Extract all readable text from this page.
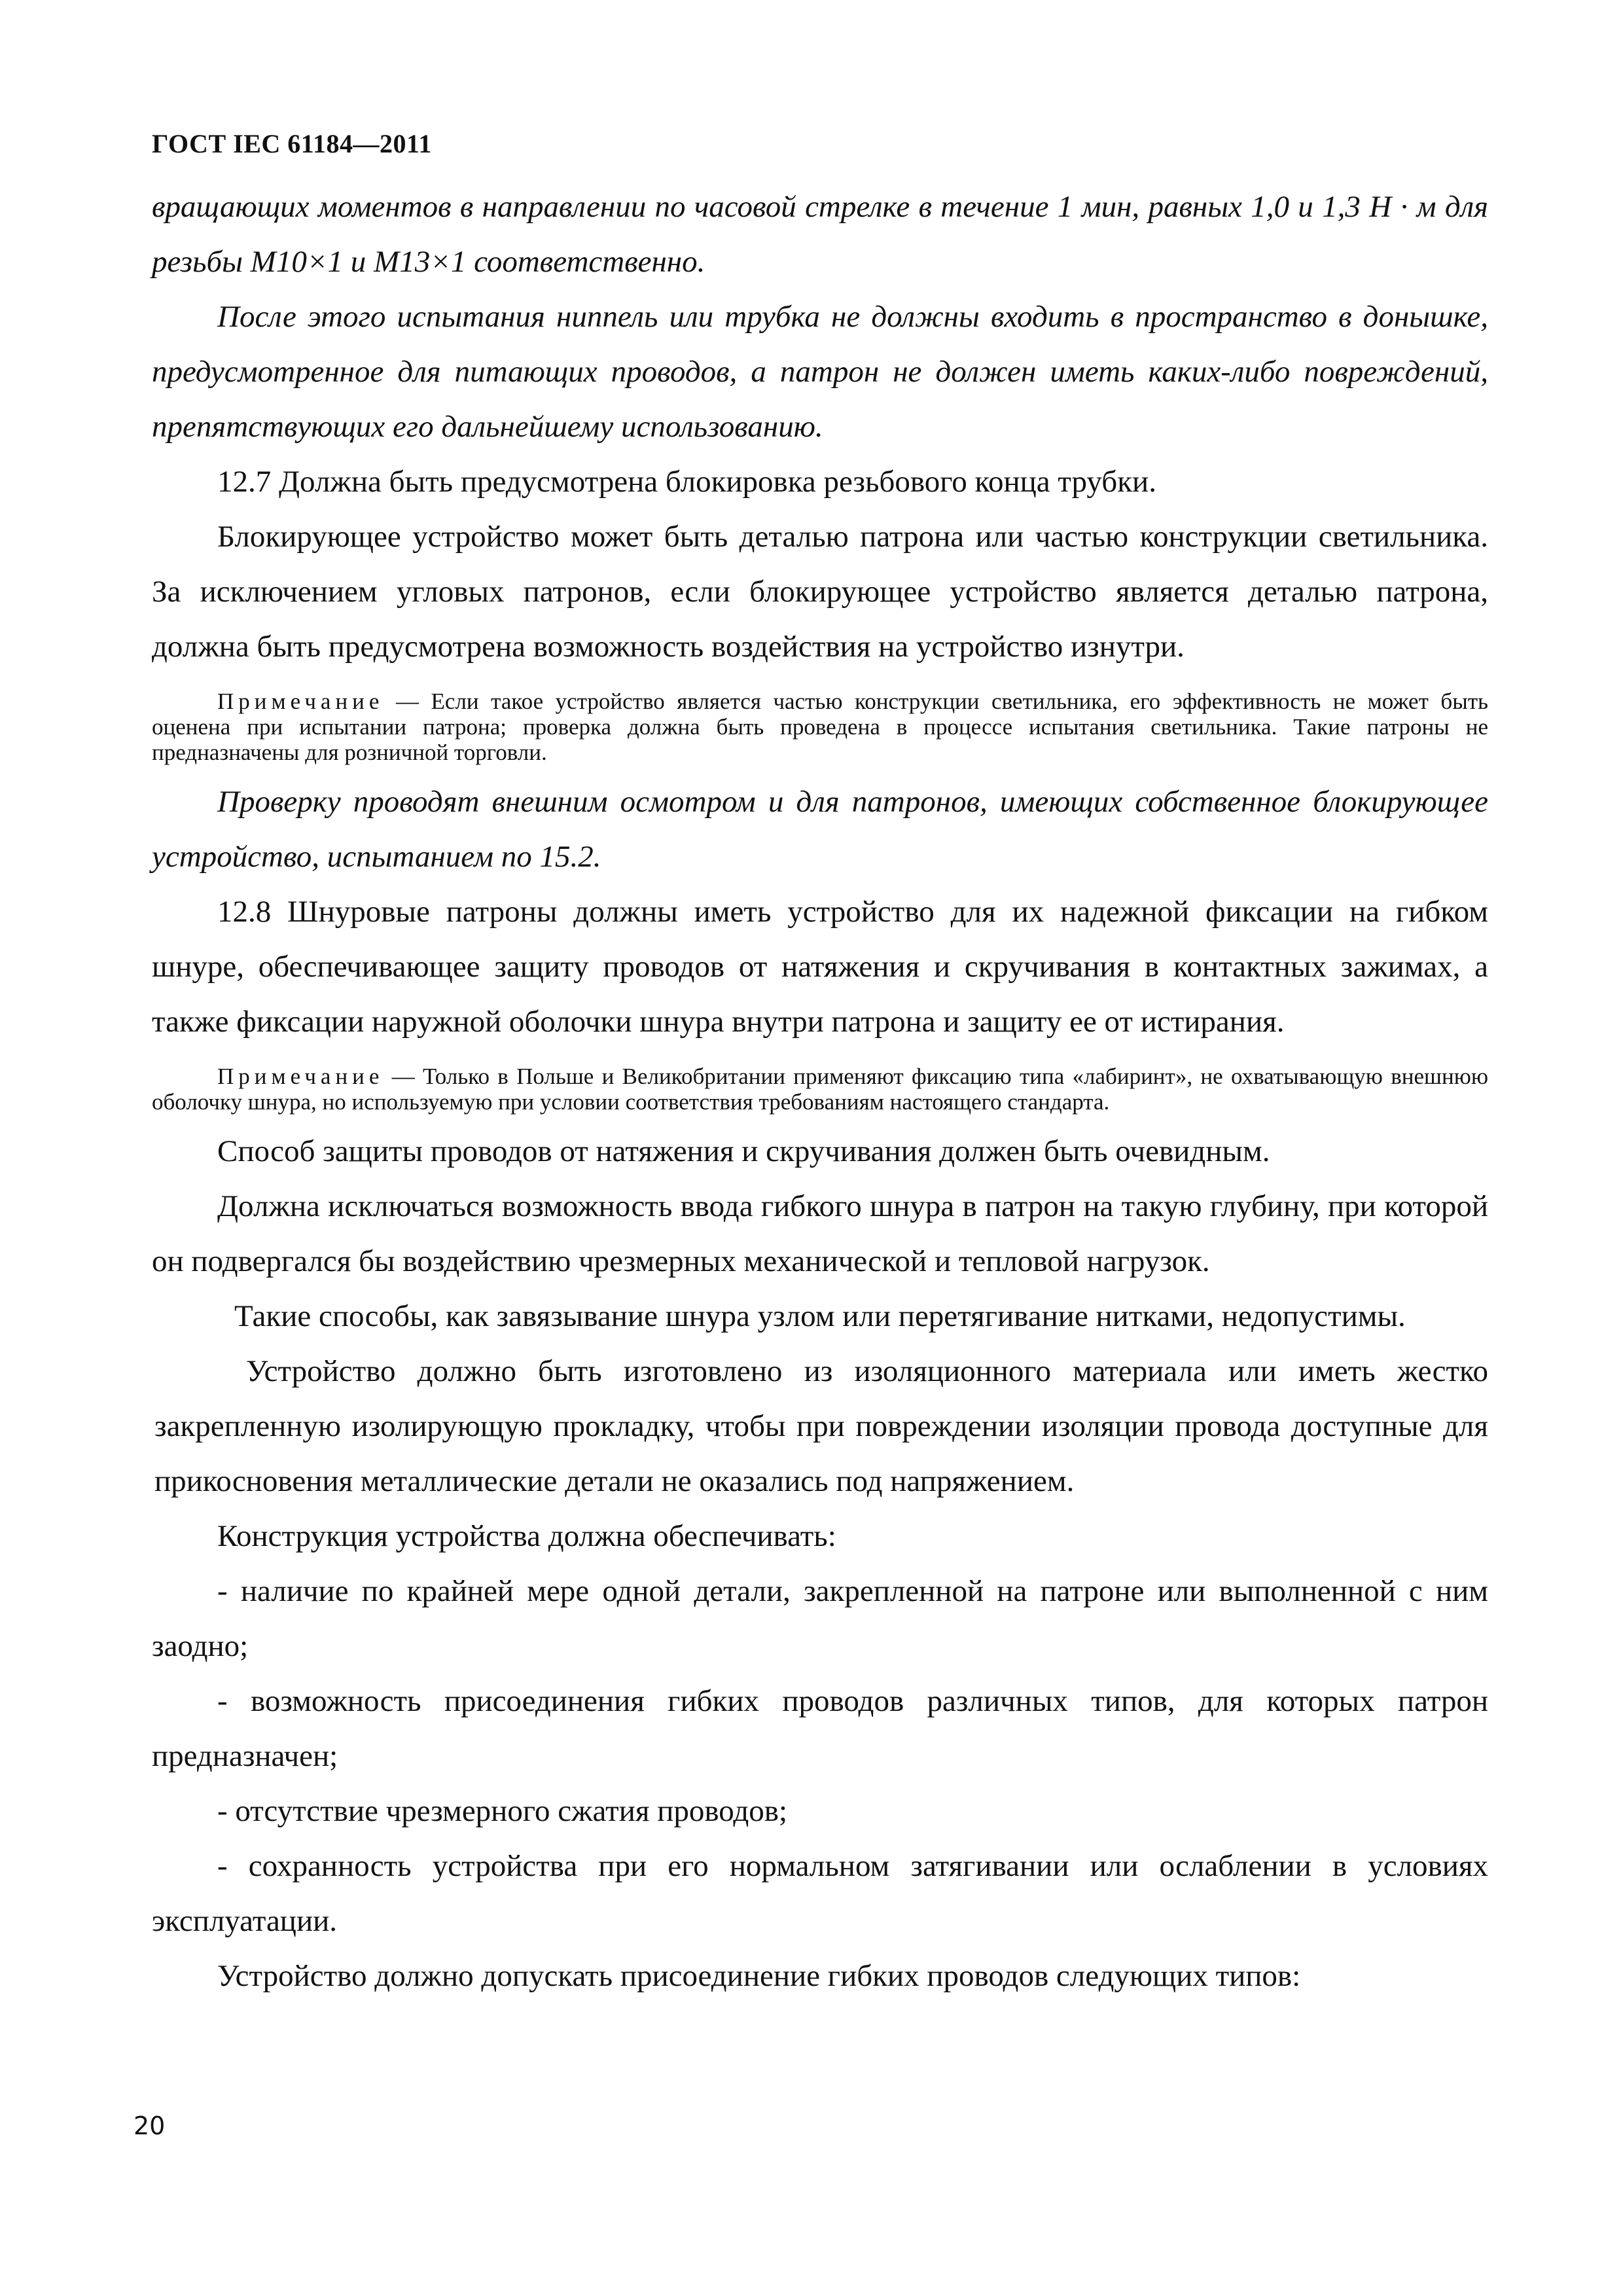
ГОСТ IEC 61184—2011

вращающих моментов в направлении по часовой стрелке в течение 1 мин, равных 1,0 и 1,3 Н · м для резьбы М10×1 и М13×1 соответственно.

После этого испытания ниппель или трубка не должны входить в пространство в донышке, предусмотренное для питающих проводов, а патрон не должен иметь каких-либо повреждений, препятствующих его дальнейшему использованию.

12.7 Должна быть предусмотрена блокировка резьбового конца трубки.

Блокирующее устройство может быть деталью патрона или частью конструкции светильника. За исключением угловых патронов, если блокирующее устройство является деталью патрона, должна быть предусмотрена возможность воздействия на устройство изнутри.

Примечание — Если такое устройство является частью конструкции светильника, его эффективность не может быть оценена при испытании патрона; проверка должна быть проведена в процессе испытания светильника. Такие патроны не предназначены для розничной торговли.

Проверку проводят внешним осмотром и для патронов, имеющих собственное блокирующее устройство, испытанием по 15.2.

12.8 Шнуровые патроны должны иметь устройство для их надежной фиксации на гибком шнуре, обеспечивающее защиту проводов от натяжения и скручивания в контактных зажимах, а также фиксации наружной оболочки шнура внутри патрона и защиту ее от истирания.

Примечание — Только в Польше и Великобритании применяют фиксацию типа «лабиринт», не охватывающую внешнюю оболочку шнура, но используемую при условии соответствия требованиям настоящего стандарта.

Способ защиты проводов от натяжения и скручивания должен быть очевидным.

Должна исключаться возможность ввода гибкого шнура в патрон на такую глубину, при которой он подвергался бы воздействию чрезмерных механической и тепловой нагрузок.

Такие способы, как завязывание шнура узлом или перетягивание нитками, недопустимы.

Устройство должно быть изготовлено из изоляционного материала или иметь жестко закрепленную изолирующую прокладку, чтобы при повреждении изоляции провода доступные для прикосновения металлические детали не оказались под напряжением.

Конструкция устройства должна обеспечивать:

- наличие по крайней мере одной детали, закрепленной на патроне или выполненной с ним заодно;

- возможность присоединения гибких проводов различных типов, для которых патрон предназначен;

- отсутствие чрезмерного сжатия проводов;

- сохранность устройства при его нормальном затягивании или ослаблении в условиях эксплуатации.

Устройство должно допускать присоединение гибких проводов следующих типов:

20
